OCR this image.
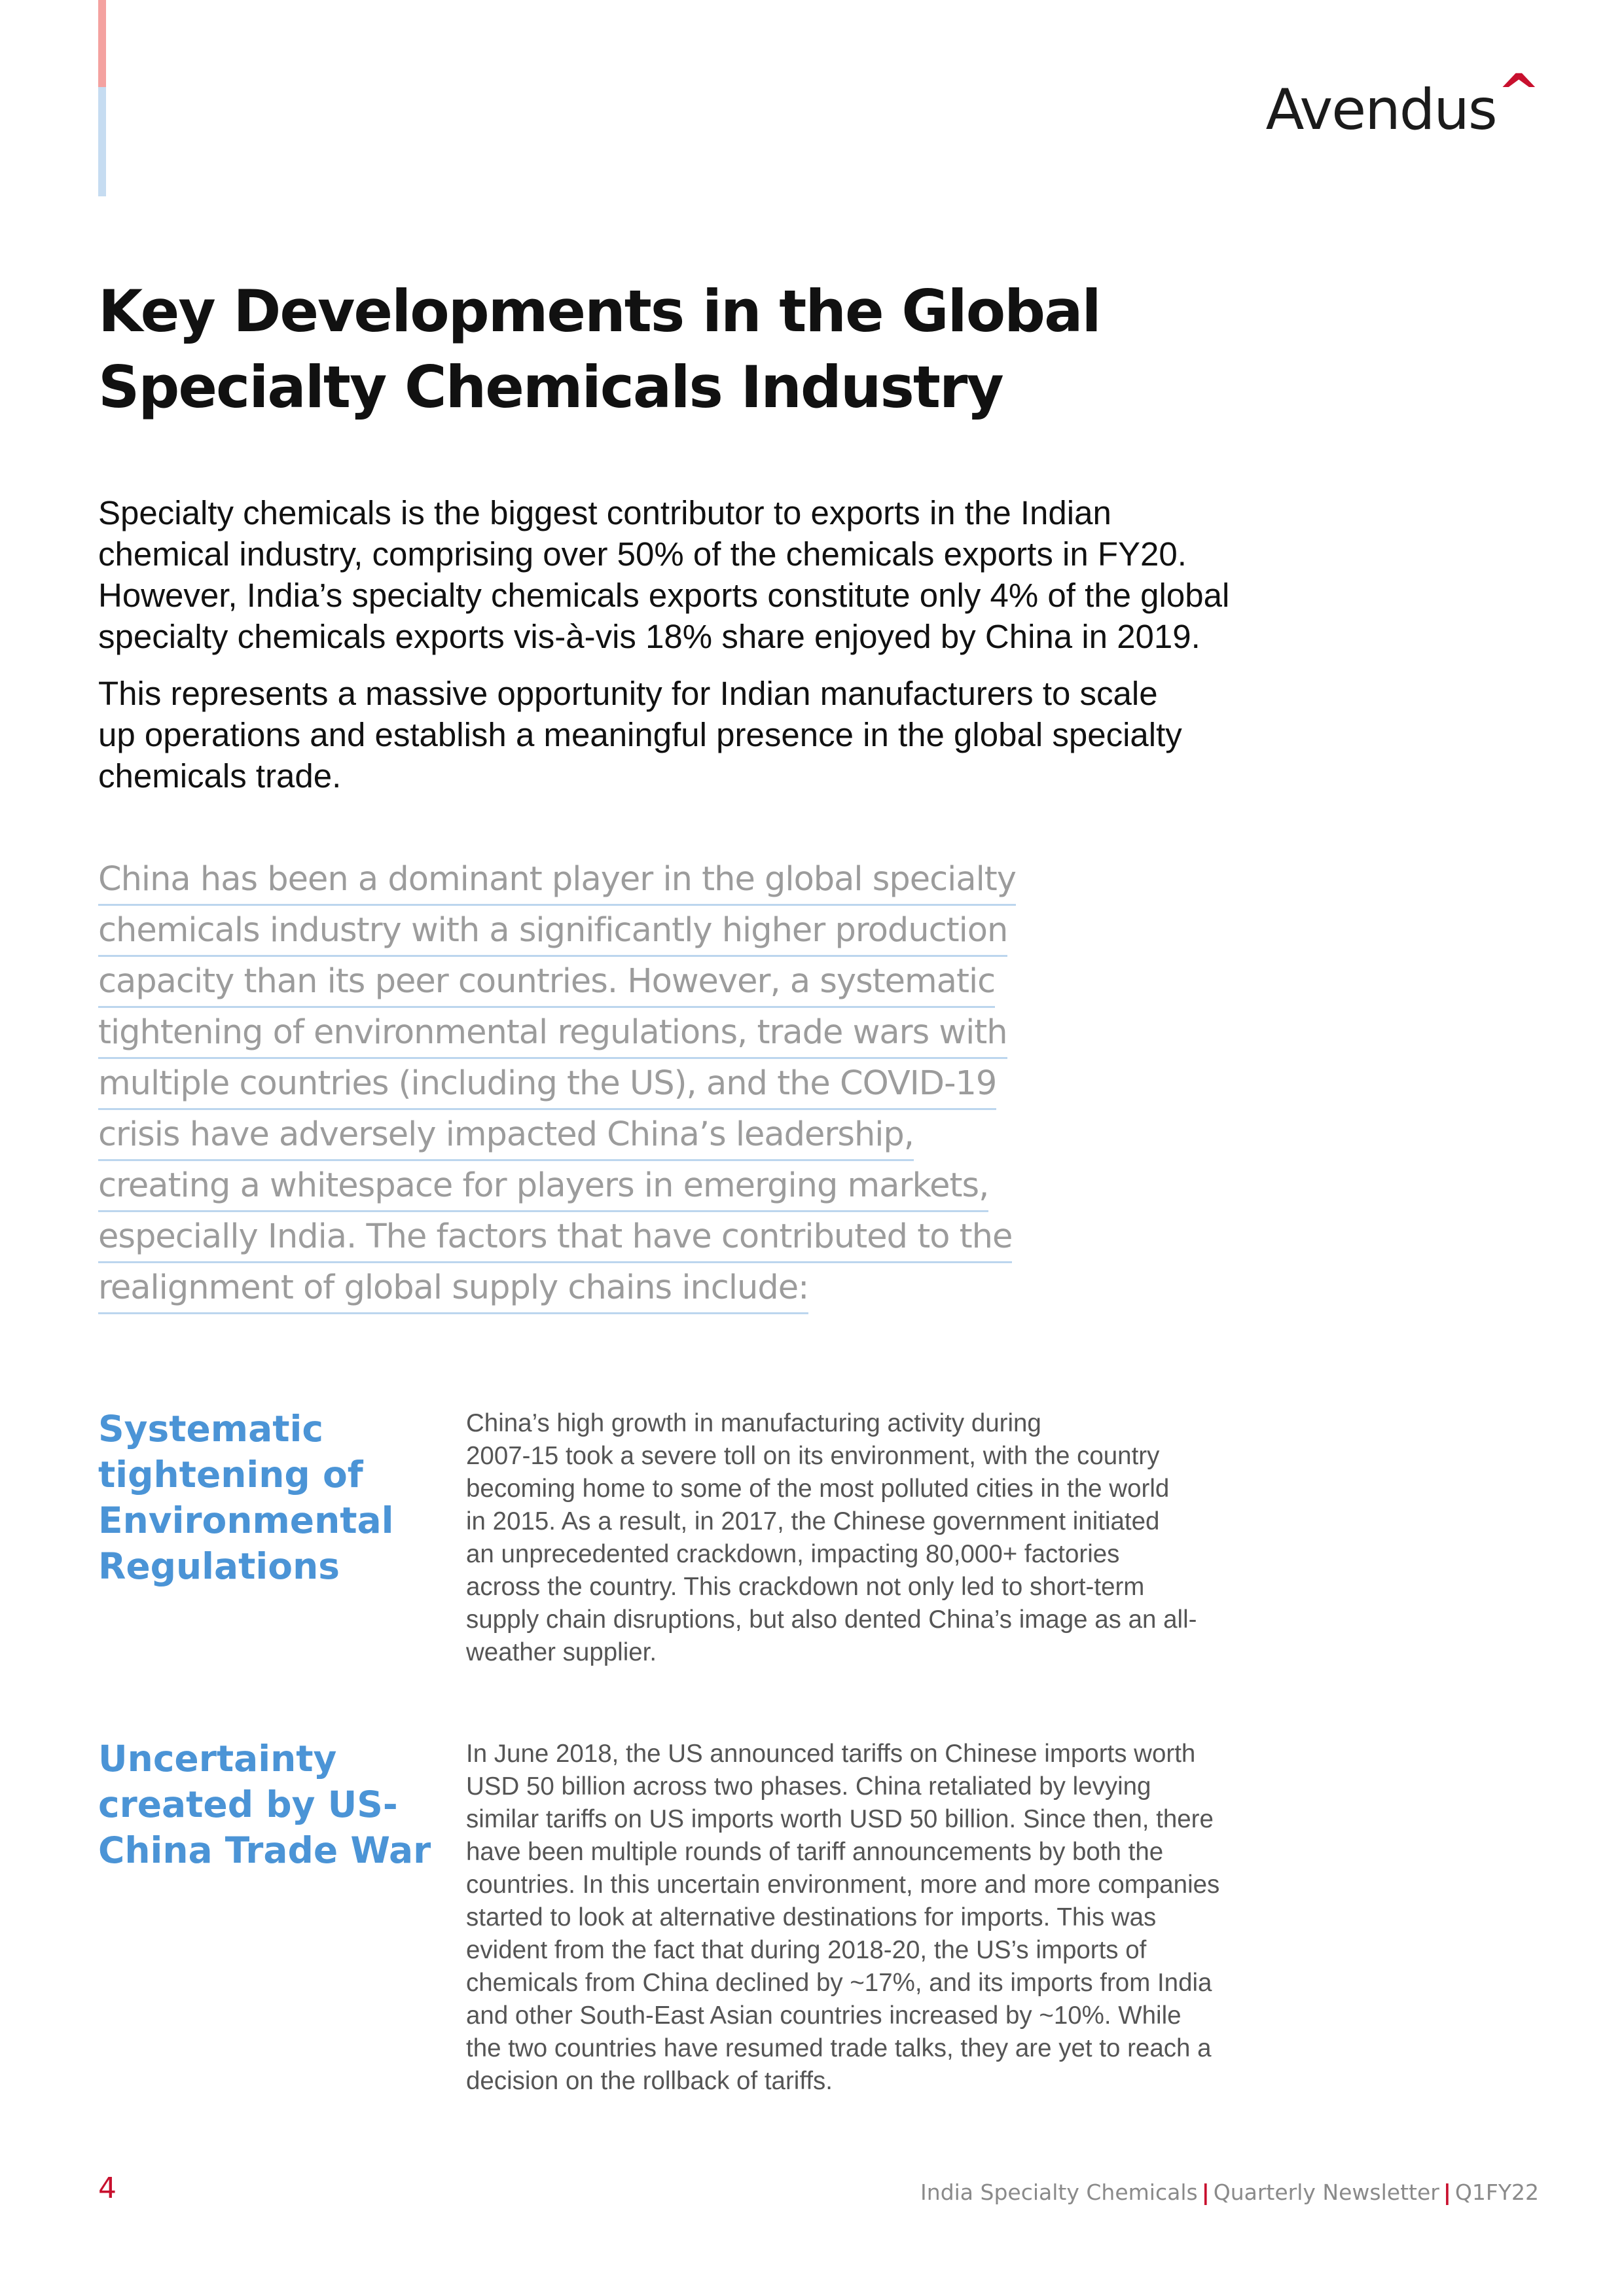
Avendus^
Key Developments in the Global
Specialty Chemicals Industry

Specialty chemicals is the biggest contributor to exports in the Indian
chemical industry, comprising over 50% of the chemicals exports in FY20.
However, India’s specialty chemicals exports constitute only 4% of the global
specialty chemicals exports vis-à-vis 18% share enjoyed by China in 2019.

This represents a massive opportunity for Indian manufacturers to scale
up operations and establish a meaningful presence in the global specialty
chemicals trade.

China has been a dominant player in the global specialty
chemicals industry with a significantly higher production
capacity than its peer countries. However, a systematic
tightening of environmental regulations, trade wars with
multiple countries (including the US), and the COVID-19
crisis have adversely impacted China’s leadership,
creating a whitespace for players in emerging markets,
especially India. The factors that have contributed to the
realignment of global supply chains include:
Systematic
tightening of
Environmental
Regulations

China’s high growth in manufacturing activity during
2007-15 took a severe toll on its environment, with the country
becoming home to some of the most polluted cities in the world
in 2015. As a result, in 2017, the Chinese government initiated
an unprecedented crackdown, impacting 80,000+ factories
across the country. This crackdown not only led to short-term
supply chain disruptions, but also dented China’s image as an all-
weather supplier.

Uncertainty
created by US-
China Trade War

In June 2018, the US announced tariffs on Chinese imports worth
USD 50 billion across two phases. China retaliated by levying
similar tariffs on US imports worth USD 50 billion. Since then, there
have been multiple rounds of tariff announcements by both the
countries. In this uncertain environment, more and more companies
started to look at alternative destinations for imports. This was
evident from the fact that during 2018-20, the US’s imports of
chemicals from China declined by ~17%, and its imports from India
and other South-East Asian countries increased by ~10%. While
the two countries have resumed trade talks, they are yet to reach a
decision on the rollback of tariffs.

4	India Specialty Chemicals | Quarterly Newsletter | Q1FY22
